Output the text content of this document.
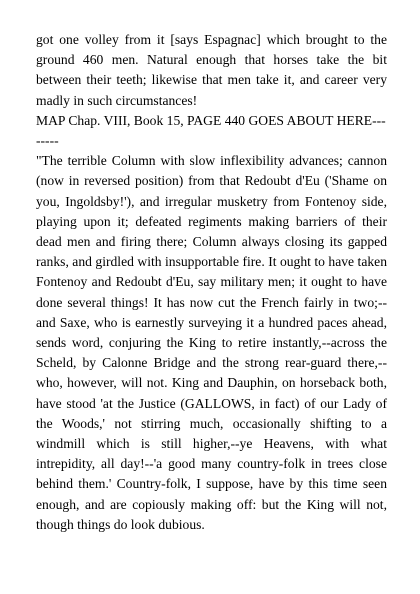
got one volley from it [says Espagnac] which brought to the ground 460 men. Natural enough that horses take the bit between their teeth; likewise that men take it, and career very madly in such circumstances!

MAP Chap. VIII, Book 15, PAGE 440 GOES ABOUT HERE--------

"The terrible Column with slow inflexibility advances; cannon (now in reversed position) from that Redoubt d'Eu ('Shame on you, Ingoldsby!'), and irregular musketry from Fontenoy side, playing upon it; defeated regiments making barriers of their dead men and firing there; Column always closing its gapped ranks, and girdled with insupportable fire. It ought to have taken Fontenoy and Redoubt d'Eu, say military men; it ought to have done several things! It has now cut the French fairly in two;--and Saxe, who is earnestly surveying it a hundred paces ahead, sends word, conjuring the King to retire instantly,--across the Scheld, by Calonne Bridge and the strong rear-guard there,--who, however, will not. King and Dauphin, on horseback both, have stood 'at the Justice (GALLOWS, in fact) of our Lady of the Woods,' not stirring much, occasionally shifting to a windmill which is still higher,--ye Heavens, with what intrepidity, all day!--'a good many country-folk in trees close behind them.' Country-folk, I suppose, have by this time seen enough, and are copiously making off: but the King will not, though things do look dubious.
